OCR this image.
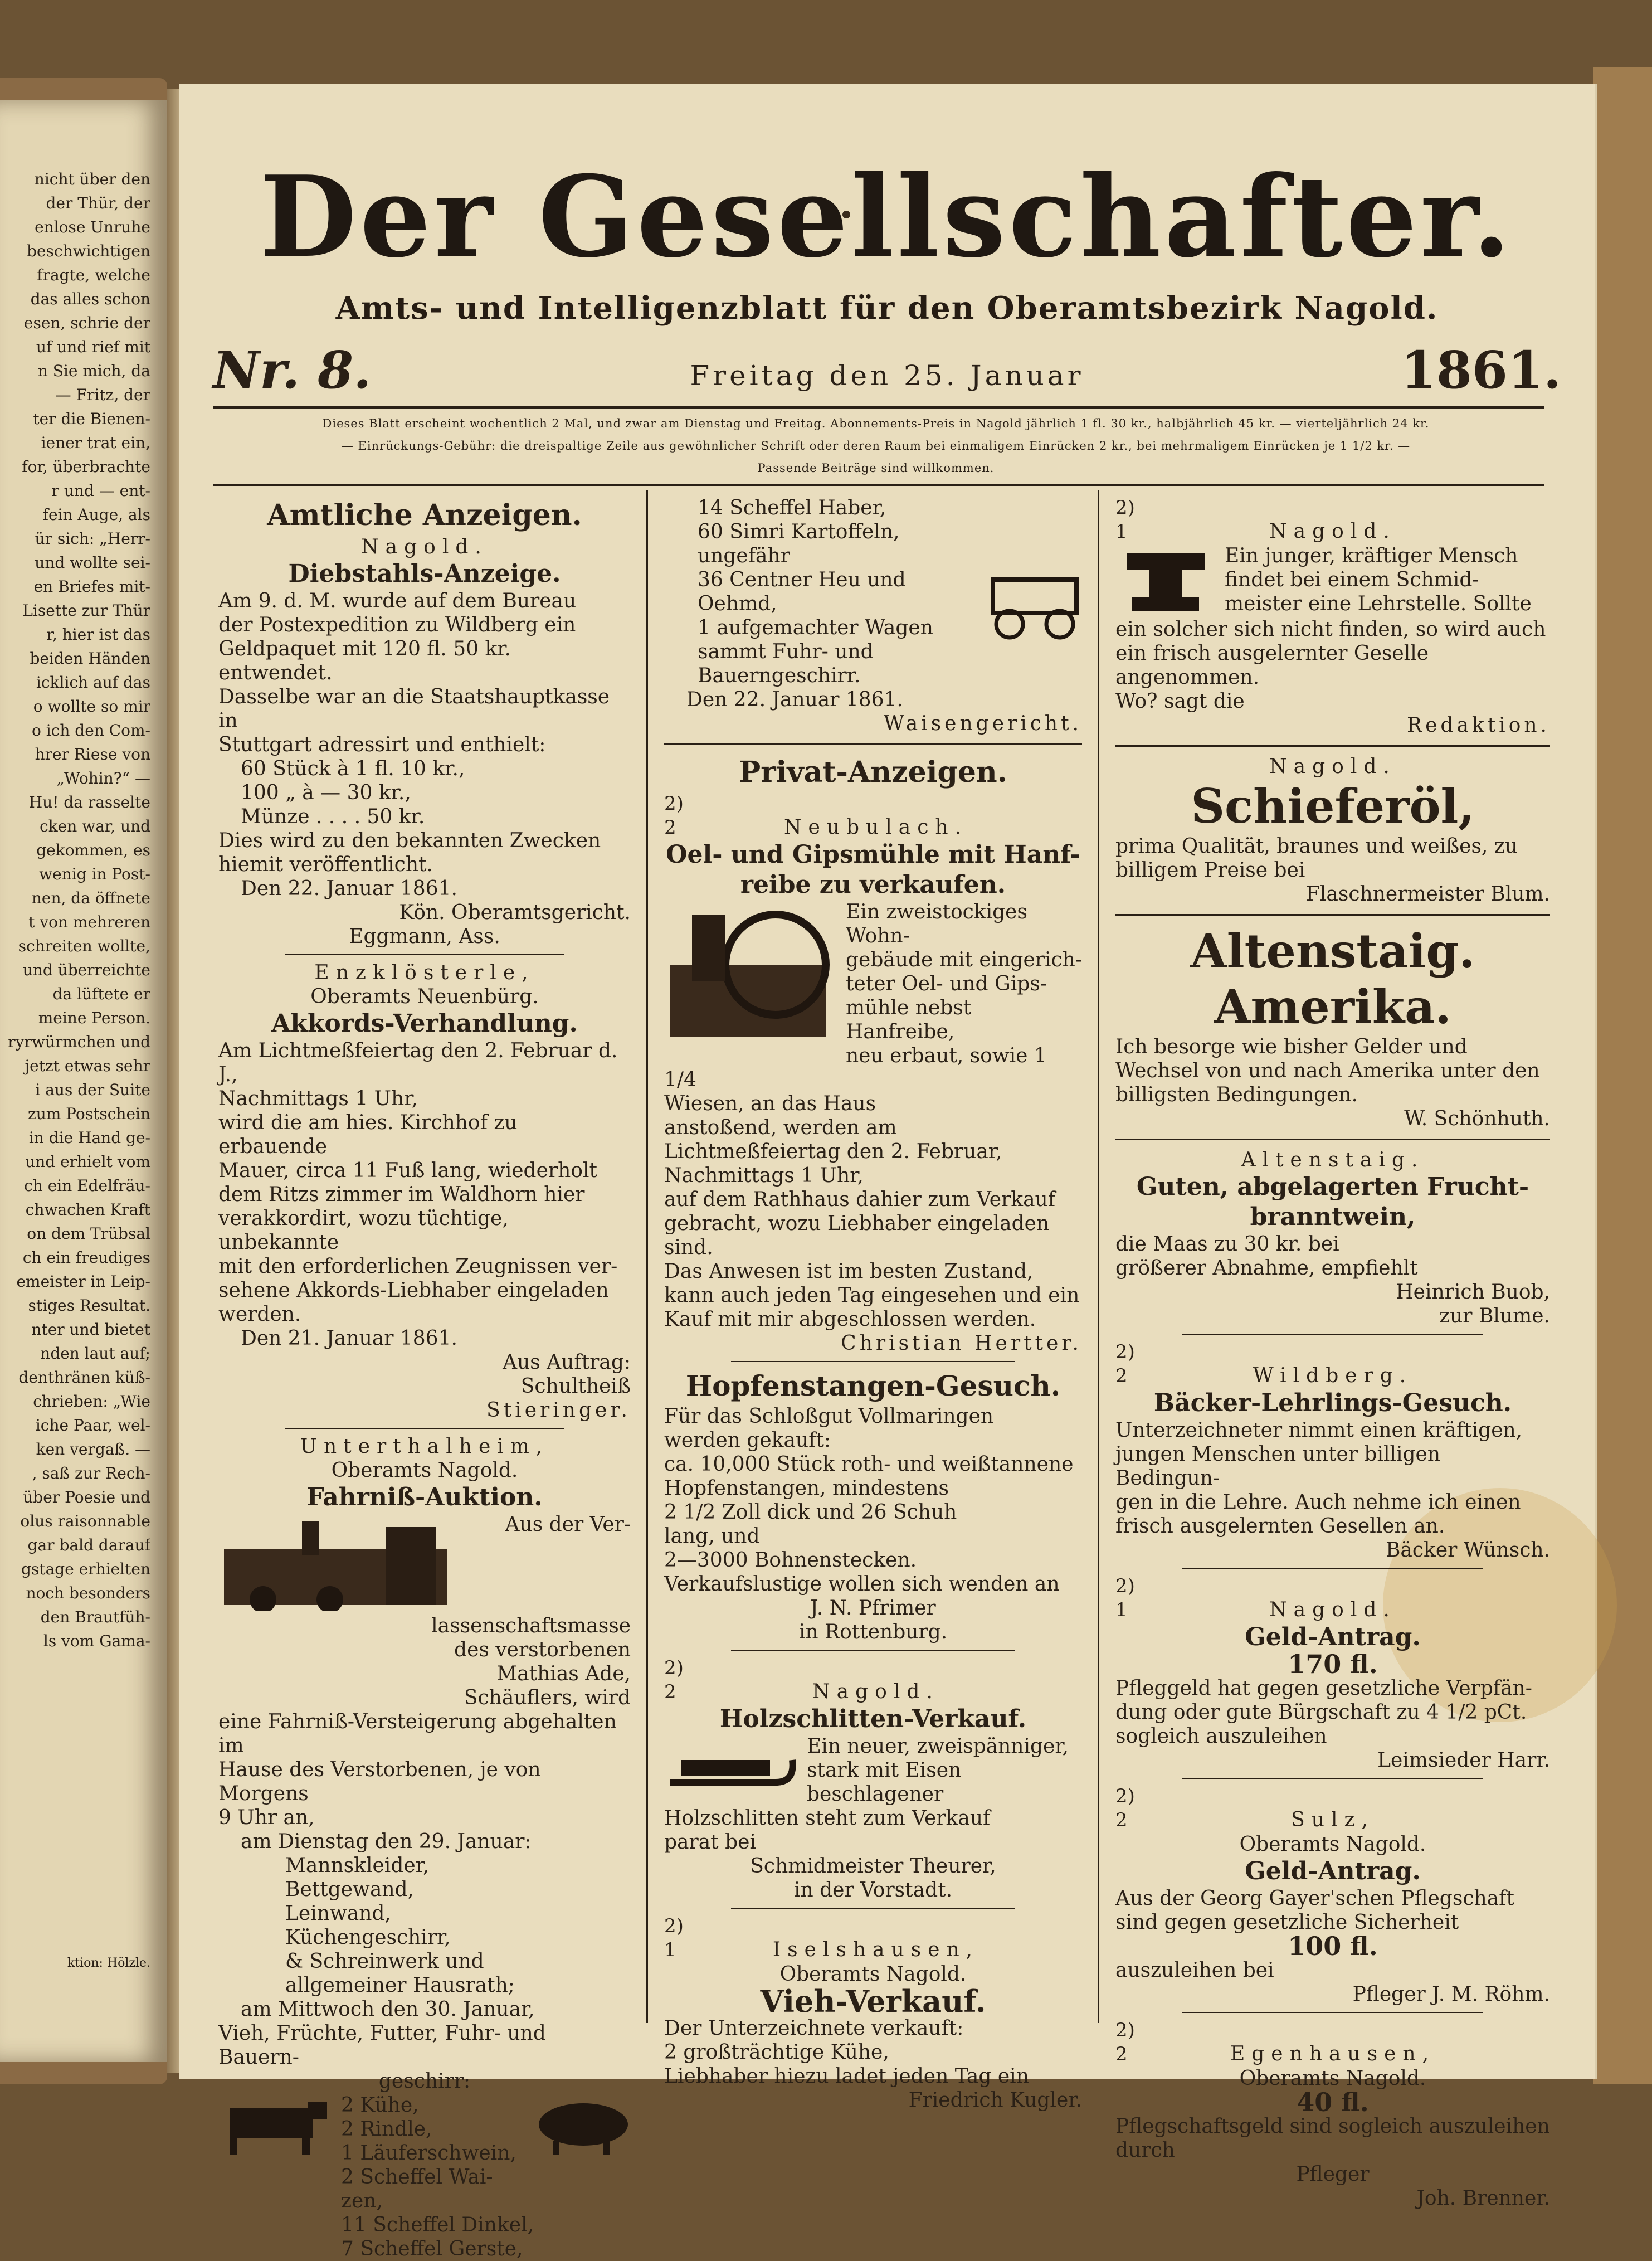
nicht über den
der Thür, der
enlose Unruhe
beschwichtigen
fragte, welche
das alles schon
esen, schrie der
uf und rief mit
n Sie mich, da
— Fritz, der
ter die Bienen-
iener trat ein,
for, überbrachte
r und — ent-
fein Auge, als
ür sich: „Herr-
und wollte sei-
en Briefes mit-
Lisette zur Thür
r, hier ist das
beiden Händen
icklich auf das
o wollte so mir
o ich den Com-
hrer Riese von
„Wohin?“ —
Hu! da rasselte
cken war, und
gekommen, es
wenig in Post-
nen, da öffnete
t von mehreren
schreiten wollte,
und überreichte
da lüftete er
meine Person.
ryrwürmchen und
jetzt etwas sehr
i aus der Suite
zum Postschein
in die Hand ge-
und erhielt vom
ch ein Edelfräu-
chwachen Kraft
on dem Trübsal
ch ein freudiges
emeister in Leip-
stiges Resultat.
nter und bietet
nden laut auf;
denthränen küß-
chrieben: „Wie
iche Paar, wel-
ken vergaß. —
, saß zur Rech-
über Poesie und
olus raisonnable
gar bald darauf
gstage erhielten
noch besonders
den Brautfüh-
ls vom Gama-
ktion: Hölzle.
Der Gesellschafter.
Amts- und Intelligenzblatt für den Oberamtsbezirk Nagold.
Nr. 8.	Freitag den 25. Januar	1861.
Dieses Blatt erscheint wochentlich 2 Mal, und zwar am Dienstag und Freitag. Abonnements-Preis in Nagold jährlich 1 fl. 30 kr., halbjährlich 45 kr. — vierteljährlich 24 kr.
— Einrückungs-Gebühr: die dreispaltige Zeile aus gewöhnlicher Schrift oder deren Raum bei einmaligem Einrücken 2 kr., bei mehrmaligem Einrücken je 1 1/2 kr. —
Passende Beiträge sind willkommen.
Amtliche Anzeigen.
Nagold.
Diebstahls-Anzeige.
Am 9. d. M. wurde auf dem Bureau
der Postexpedition zu Wildberg ein
Geldpaquet mit 120 fl. 50 kr. entwendet.
Dasselbe war an die Staatshauptkasse in
Stuttgart adressirt und enthielt:
60 Stück à 1 fl. 10 kr.,
100 „ à — 30 kr.,
Münze . . . . 50 kr.
Dies wird zu den bekannten Zwecken
hiemit veröffentlicht.
Den 22. Januar 1861.
Kön. Oberamtsgericht.
Eggmann, Ass.
Enzklösterle,
Oberamts Neuenbürg.
Akkords-Verhandlung.
Am Lichtmeßfeiertag den 2. Februar d. J.,
Nachmittags 1 Uhr,
wird die am hies. Kirchhof zu erbauende
Mauer, circa 11 Fuß lang, wiederholt
dem Ritzs zimmer im Waldhorn hier
verakkordirt, wozu tüchtige, unbekannte
mit den erforderlichen Zeugnissen ver-
sehene Akkords-Liebhaber eingeladen
werden.
Den 21. Januar 1861.
Aus Auftrag:
Schultheiß
Stieringer.
Unterthalheim,
Oberamts Nagold.
Fahrniß-Auktion.
Aus der Ver-
lassenschaftsmasse
des verstorbenen
Mathias Ade,
Schäuflers, wird
eine Fahrniß-Versteigerung abgehalten im
Hause des Verstorbenen, je von Morgens
9 Uhr an,
am Dienstag den 29. Januar:
Mannskleider,
Bettgewand,
Leinwand,
Küchengeschirr,
& Schreinwerk und
allgemeiner Hausrath;
am Mittwoch den 30. Januar,
Vieh, Früchte, Futter, Fuhr- und Bauern-
geschirr:
2 Kühe,
2 Rindle,
1 Läuferschwein,
2 Scheffel Wai-
zen,
11 Scheffel Dinkel,
7 Scheffel Gerste,
14 Scheffel Haber,
60 Simri Kartoffeln,
ungefähr
36 Centner Heu und
Oehmd,
1 aufgemachter Wagen
sammt Fuhr- und Bauerngeschirr.
Den 22. Januar 1861.
Waisengericht.
Privat-Anzeigen.
2) 2	Neubulach.
Oel- und Gipsmühle mit Hanf-reibe zu verkaufen.
Ein zweistockiges Wohn-
gebäude mit eingerich-
teter Oel- und Gips-
mühle nebst Hanfreibe,
neu erbaut, sowie 1 1/4
Wiesen, an das Haus
anstoßend, werden am
Lichtmeßfeiertag den 2. Februar,
Nachmittags 1 Uhr,
auf dem Rathhaus dahier zum Verkauf
gebracht, wozu Liebhaber eingeladen sind.
Das Anwesen ist im besten Zustand,
kann auch jeden Tag eingesehen und ein
Kauf mit mir abgeschlossen werden.
Christian Hertter.
Hopfenstangen-Gesuch.
Für das Schloßgut Vollmaringen
werden gekauft:
ca. 10,000 Stück roth- und weißtannene
Hopfenstangen, mindestens
2 1/2 Zoll dick und 26 Schuh
lang, und
2—3000 Bohnenstecken.
Verkaufslustige wollen sich wenden an
J. N. Pfrimer
in Rottenburg.
2) 2	Nagold.
Holzschlitten-Verkauf.
Ein neuer, zweispänniger,
stark mit Eisen beschlagener
Holzschlitten steht zum Verkauf
parat bei
Schmidmeister Theurer,
in der Vorstadt.
2) 1	Iselshausen,
Oberamts Nagold.
Vieh-Verkauf.
Der Unterzeichnete verkauft:
2 großträchtige Kühe,
Liebhaber hiezu ladet jeden Tag ein
Friedrich Kugler.
2) 1	Nagold.
Ein junger, kräftiger Mensch
findet bei einem Schmid-
meister eine Lehrstelle. Sollte
ein solcher sich nicht finden, so wird auch
ein frisch ausgelernter Geselle angenommen.
Wo? sagt die
Redaktion.
Nagold.
Schieferöl,
prima Qualität, braunes und weißes, zu
billigem Preise bei
Flaschnermeister Blum.
Altenstaig.
Amerika.
Ich besorge wie bisher Gelder und
Wechsel von und nach Amerika unter den
billigsten Bedingungen.
W. Schönhuth.
Altenstaig.
Guten, abgelagerten Frucht-branntwein,
die Maas zu 30 kr. bei
größerer Abnahme, empfiehlt
Heinrich Buob,
zur Blume.
2) 2	Wildberg.
Bäcker-Lehrlings-Gesuch.
Unterzeichneter nimmt einen kräftigen,
jungen Menschen unter billigen Bedingun-
gen in die Lehre. Auch nehme ich einen
frisch ausgelernten Gesellen an.
Bäcker Wünsch.
2) 1	Nagold.
Geld-Antrag.
170 fl.
Pfleggeld hat gegen gesetzliche Verpfän-
dung oder gute Bürgschaft zu 4 1/2 pCt.
sogleich auszuleihen
Leimsieder Harr.
2) 2	Sulz,
Oberamts Nagold.
Geld-Antrag.
Aus der Georg Gayer'schen Pflegschaft
sind gegen gesetzliche Sicherheit
100 fl.
auszuleihen bei
Pfleger J. M. Röhm.
2) 2	Egenhausen,
Oberamts Nagold.
40 fl.
Pflegschaftsgeld sind sogleich auszuleihen
durch
Pfleger
Joh. Brenner.
